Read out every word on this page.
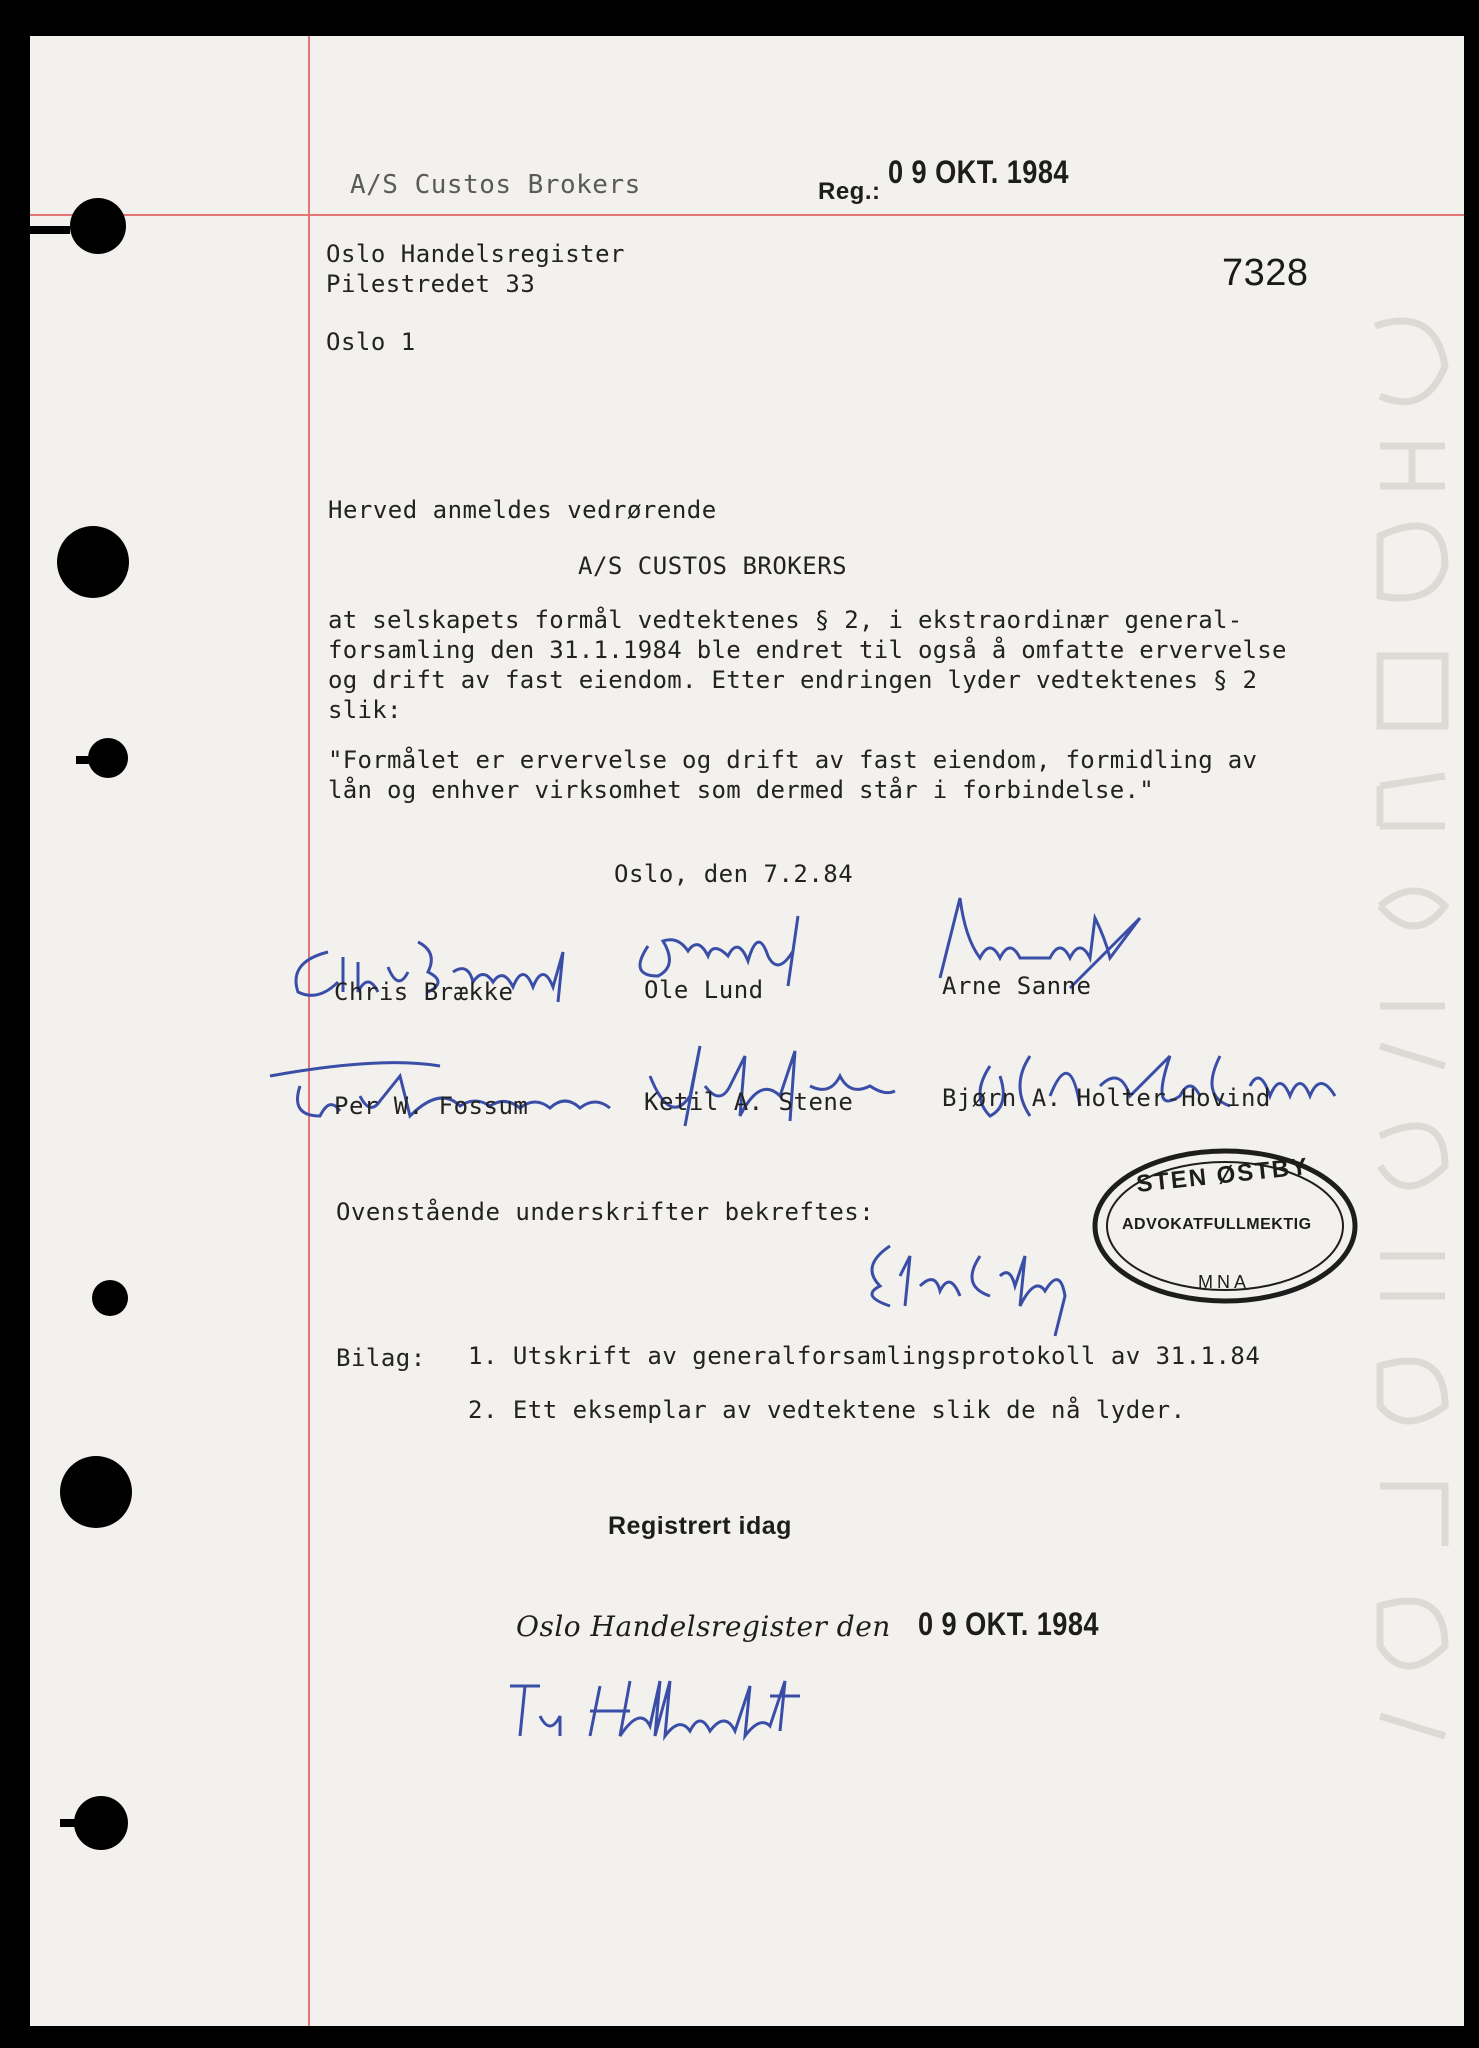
A/S Custos Brokers	Reg.:
0 9 OKT. 1984
Oslo Handelsregister
Pilestredet 33	7328
Oslo 1
Herved anmeldes vedrørende
A/S CUSTOS BROKERS
at selskapets formål vedtektenes § 2, i ekstraordinær general-
forsamling den 31.1.1984 ble endret til også å omfatte ervervelse
og drift av fast eiendom. Etter endringen lyder vedtektenes § 2
slik:
"Formålet er ervervelse og drift av fast eiendom, formidling av
lån og enhver virksomhet som dermed står i forbindelse."
Oslo, den 7.2.84
Chris Brække	Ole Lund	Arne Sanne
Per W. Fossum	Ketil A. Stene	Bjørn A. Holter-Hovind
Ovenstående underskrifter bekreftes:
STEN ØSTBY
ADVOKATFULLMEKTIG
MNA
Bilag: 1. Utskrift av generalforsamlingsprotokoll av 31.1.84
2. Ett eksemplar av vedtektene slik de nå lyder.
Registrert idag
Oslo Handelsregister den 0 9 OKT. 1984
